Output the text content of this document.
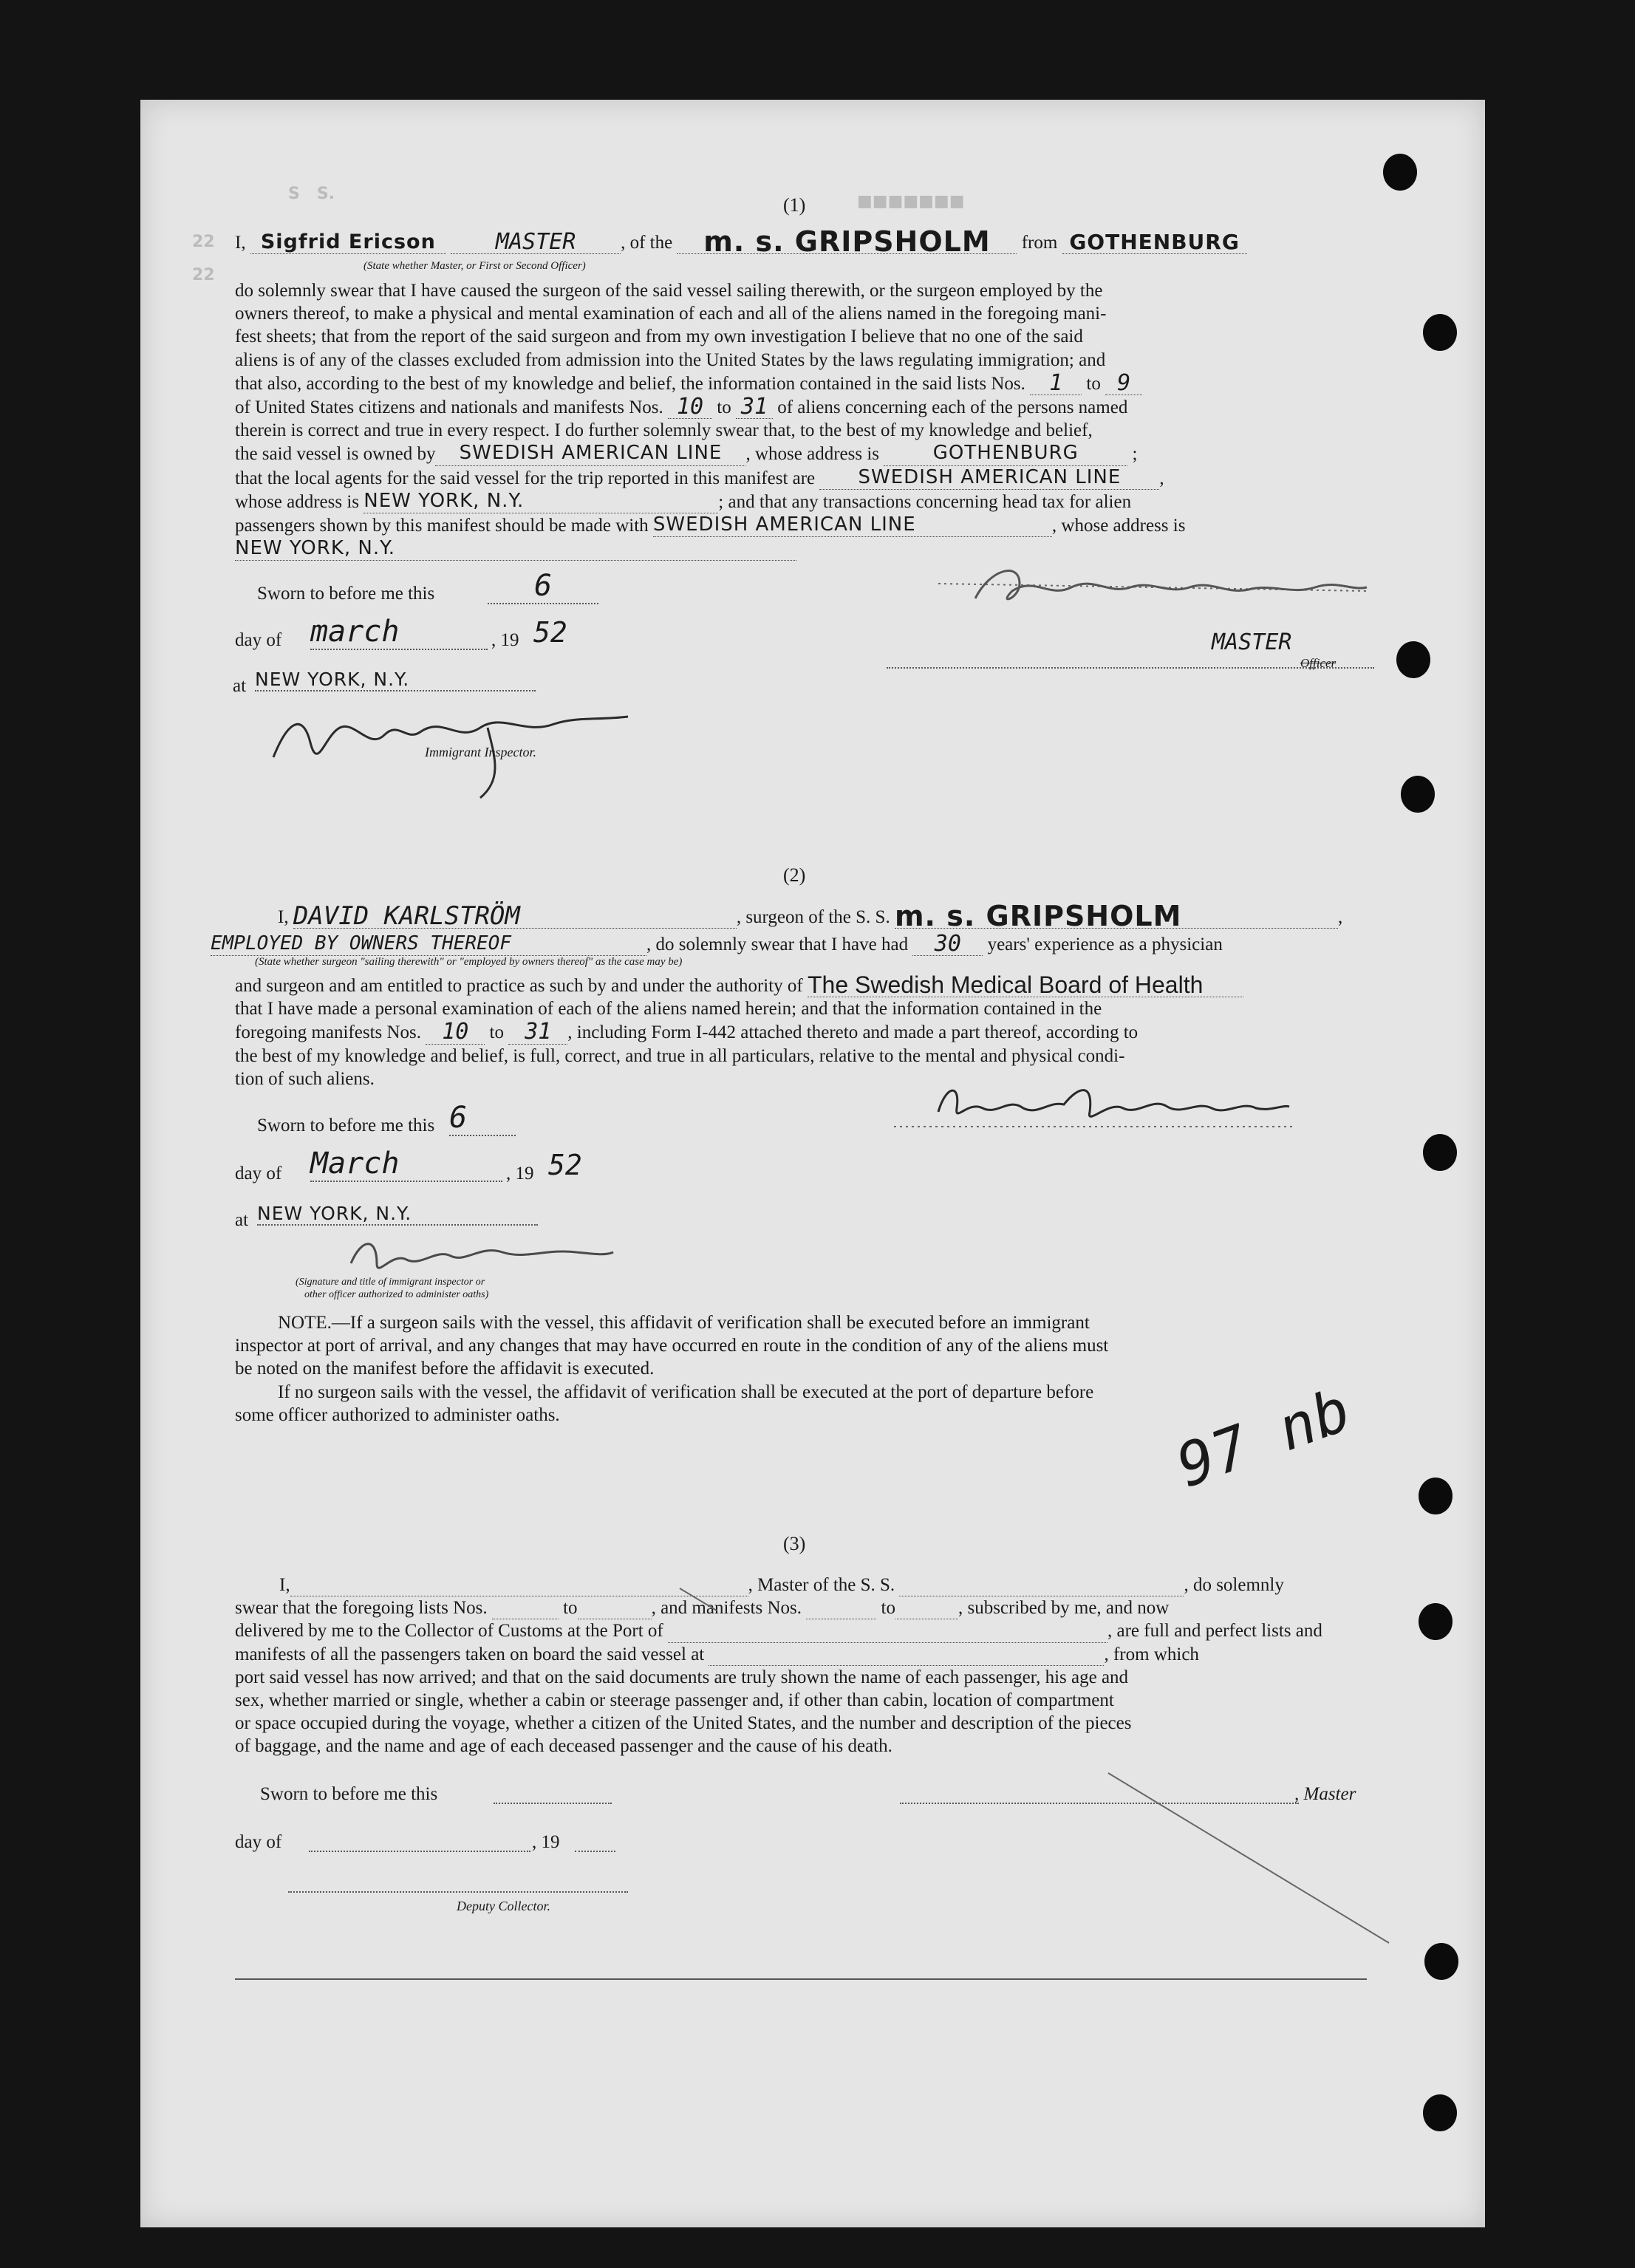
S   S.	■■■■■■■
22
22
(1)
I, Sigfrid Ericson	MASTER , of the m. s. GRIPSHOLM from GOTHENBURG
(State whether Master, or First or Second Officer)

do solemnly swear that I have caused the surgeon of the said vessel sailing therewith, or the surgeon employed by the

owners thereof, to make a physical and mental examination of each and all of the aliens named in the foregoing mani-

fest sheets; that from the report of the said surgeon and from my own investigation I believe that no one of the said

aliens is of any of the classes excluded from admission into the United States by the laws regulating immigration; and

that also, according to the best of my knowledge and belief, the information contained in the said lists Nos. 1 to 9

of United States citizens and nationals and manifests Nos. 10 to 31 of aliens concerning each of the persons named

therein is correct and true in every respect. I do further solemnly swear that, to the best of my knowledge and belief,

the said vessel is owned by SWEDISH AMERICAN LINE , whose address is	GOTHENBURG	;

that the local agents for the said vessel for the trip reported in this manifest are SWEDISH AMERICAN LINE ,

whose address is NEW YORK, N.Y.	; and that any transactions concerning head tax for alien

passengers shown by this manifest should be made with SWEDISH AMERICAN LINE	, whose address is

NEW YORK, N.Y.

Sworn to before me this	6
day of march	, 19 52
at NEW YORK, N.Y.
Immigrant Inspector.
MASTER
Officer
(2)
I, DAVID KARLSTRÖM	, surgeon of the S. S. m. s. GRIPSHOLM	,
EMPLOYED BY OWNERS THEREOF	, do solemnly swear that I have had 30 years' experience as a physician
(State whether surgeon "sailing therewith" or "employed by owners thereof" as the case may be)

and surgeon and am entitled to practice as such by and under the authority of The Swedish Medical Board of Health

that I have made a personal examination of each of the aliens named herein; and that the information contained in the

foregoing manifests Nos. 10 to 31 , including Form I-442 attached thereto and made a part thereof, according to

the best of my knowledge and belief, is full, correct, and true in all particulars, relative to the mental and physical condi-

tion of such aliens.

Sworn to before me this 6
day of March	, 19 52
at NEW YORK, N.Y.
(Signature and title of immigrant inspector or
other officer authorized to administer oaths)

NOTE.—If a surgeon sails with the vessel, this affidavit of verification shall be executed before an immigrant

inspector at port of arrival, and any changes that may have occurred en route in the condition of any of the aliens must

be noted on the manifest before the affidavit is executed.

If no surgeon sails with the vessel, the affidavit of verification shall be executed at the port of departure before

some officer authorized to administer oaths.	97 nb
(3)

I,	, Master of the S. S.	, do solemnly

swear that the foregoing lists Nos.	to	, and manifests Nos.	to	, subscribed by me, and now

delivered by me to the Collector of Customs at the Port of	, are full and perfect lists and

manifests of all the passengers taken on board the said vessel at	, from which

port said vessel has now arrived; and that on the said documents are truly shown the name of each passenger, his age and

sex, whether married or single, whether a cabin or steerage passenger and, if other than cabin, location of compartment

or space occupied during the voyage, whether a citizen of the United States, and the number and description of the pieces

of baggage, and the name and age of each deceased passenger and the cause of his death.

Sworn to before me this	, Master
day of	, 19
Deputy Collector.
